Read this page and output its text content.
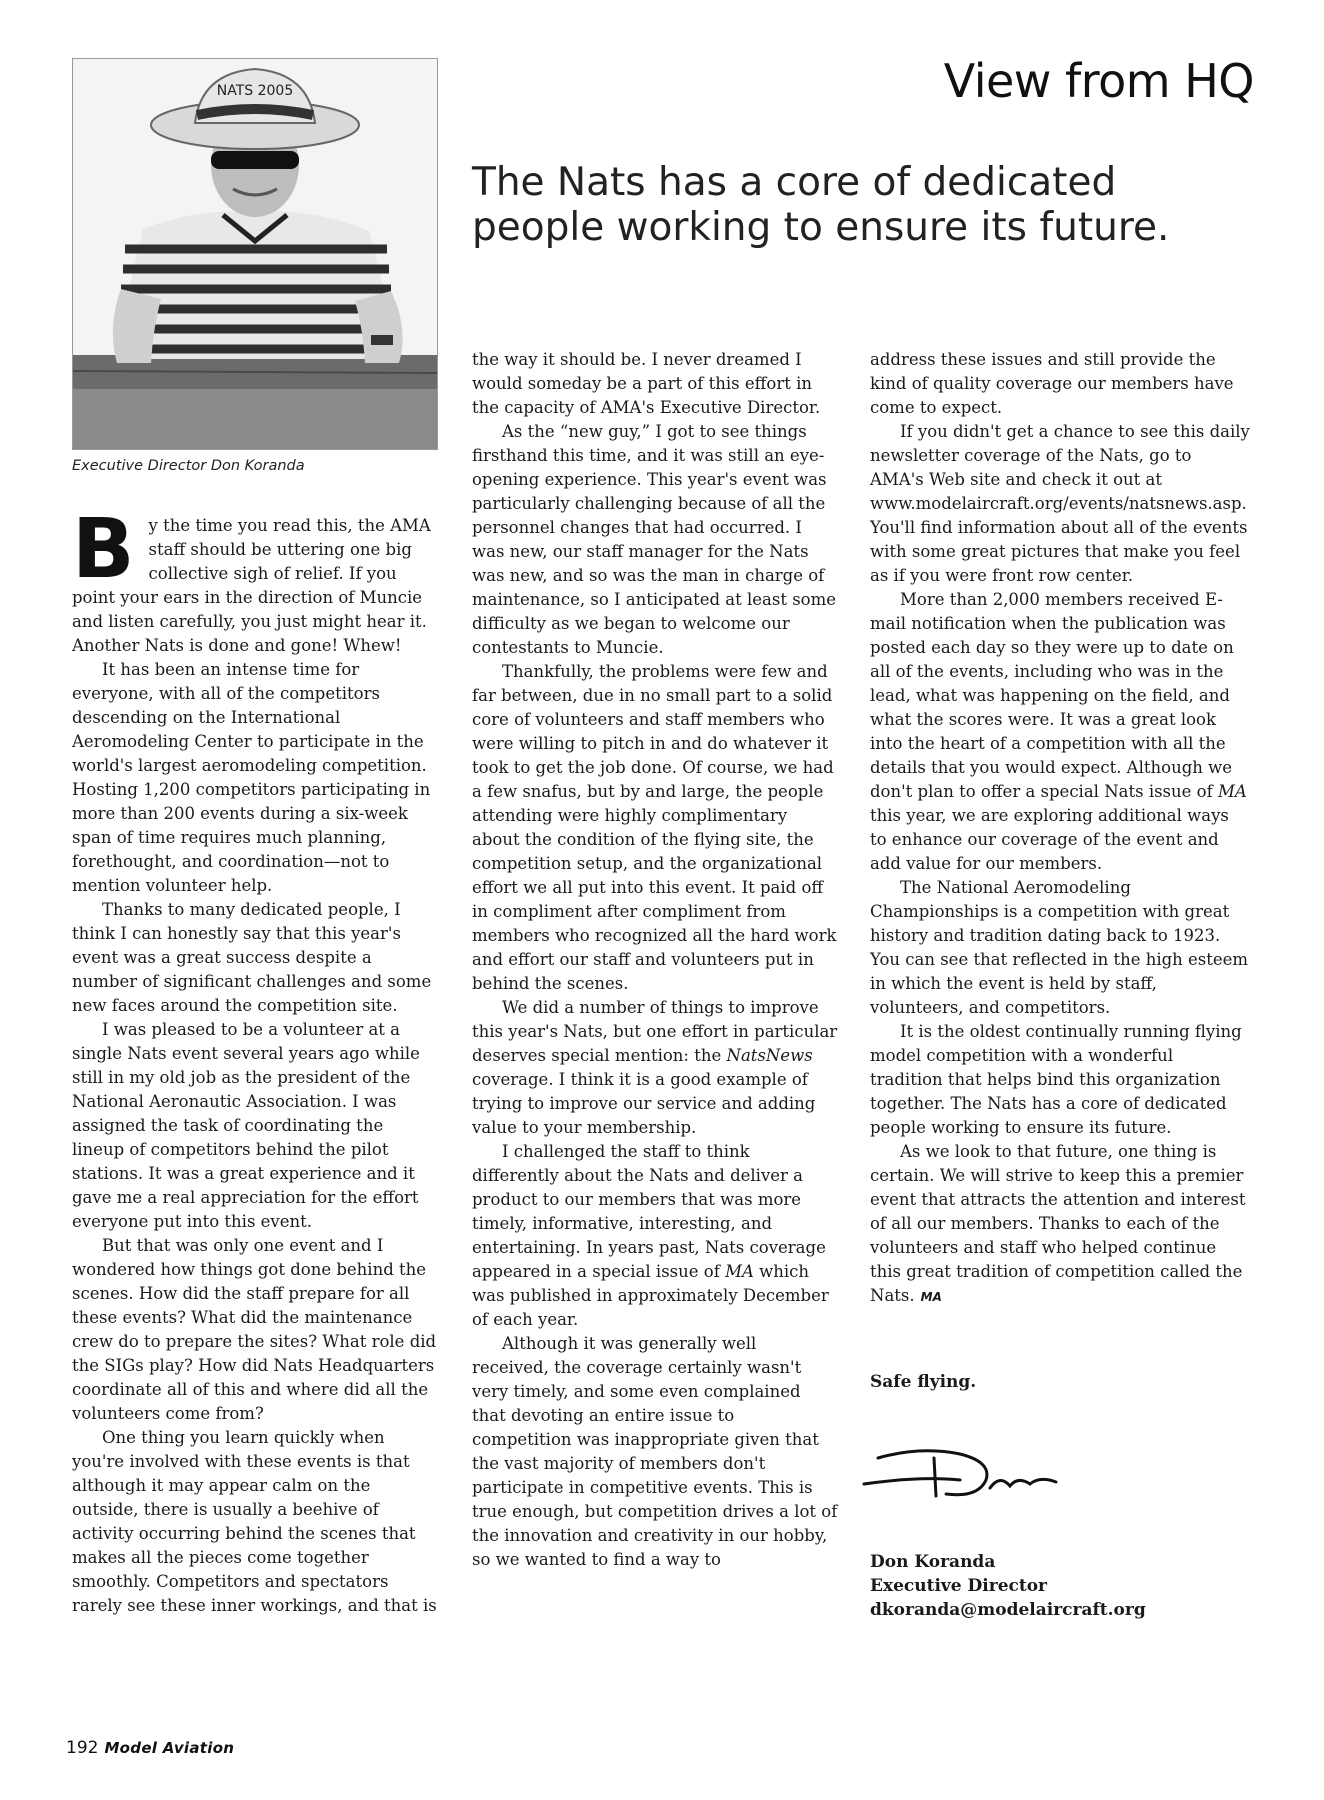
View from HQ
The Nats has a core of dedicated people working to ensure its future.
NATS 2005
Executive Director Don Koranda

By the time you read this, the AMA staff should be uttering one big collective sigh of relief. If you point your ears in the direction of Muncie and listen carefully, you just might hear it. Another Nats is done and gone! Whew!

It has been an intense time for everyone, with all of the competitors descending on the International Aeromodeling Center to participate in the world's largest aeromodeling competition. Hosting 1,200 competitors participating in more than 200 events during a six-week span of time requires much planning, forethought, and coordination—not to mention volunteer help.

Thanks to many dedicated people, I think I can honestly say that this year's event was a great success despite a number of significant challenges and some new faces around the competition site.

I was pleased to be a volunteer at a single Nats event several years ago while still in my old job as the president of the National Aeronautic Association. I was assigned the task of coordinating the lineup of competitors behind the pilot stations. It was a great experience and it gave me a real appreciation for the effort everyone put into this event.

But that was only one event and I wondered how things got done behind the scenes. How did the staff prepare for all these events? What did the maintenance crew do to prepare the sites? What role did the SIGs play? How did Nats Headquarters coordinate all of this and where did all the volunteers come from?

One thing you learn quickly when you're involved with these events is that although it may appear calm on the outside, there is usually a beehive of activity occurring behind the scenes that makes all the pieces come together smoothly. Competitors and spectators rarely see these inner workings, and that is

the way it should be. I never dreamed I would someday be a part of this effort in the capacity of AMA's Executive Director.

As the “new guy,” I got to see things firsthand this time, and it was still an eye-opening experience. This year's event was particularly challenging because of all the personnel changes that had occurred. I was new, our staff manager for the Nats was new, and so was the man in charge of maintenance, so I anticipated at least some difficulty as we began to welcome our contestants to Muncie.

Thankfully, the problems were few and far between, due in no small part to a solid core of volunteers and staff members who were willing to pitch in and do whatever it took to get the job done. Of course, we had a few snafus, but by and large, the people attending were highly complimentary about the condition of the flying site, the competition setup, and the organizational effort we all put into this event. It paid off in compliment after compliment from members who recognized all the hard work and effort our staff and volunteers put in behind the scenes.

We did a number of things to improve this year's Nats, but one effort in particular deserves special mention: the NatsNews coverage. I think it is a good example of trying to improve our service and adding value to your membership.

I challenged the staff to think differently about the Nats and deliver a product to our members that was more timely, informative, interesting, and entertaining. In years past, Nats coverage appeared in a special issue of MA which was published in approximately December of each year.

Although it was generally well received, the coverage certainly wasn't very timely, and some even complained that devoting an entire issue to competition was inappropriate given that the vast majority of members don't participate in competitive events. This is true enough, but competition drives a lot of the innovation and creativity in our hobby, so we wanted to find a way to

address these issues and still provide the kind of quality coverage our members have come to expect.

If you didn't get a chance to see this daily newsletter coverage of the Nats, go to AMA's Web site and check it out at www.modelaircraft.org/events/natsnews.asp. You'll find information about all of the events with some great pictures that make you feel as if you were front row center.

More than 2,000 members received E-mail notification when the publication was posted each day so they were up to date on all of the events, including who was in the lead, what was happening on the field, and what the scores were. It was a great look into the heart of a competition with all the details that you would expect. Although we don't plan to offer a special Nats issue of MA this year, we are exploring additional ways to enhance our coverage of the event and add value for our members.

The National Aeromodeling Championships is a competition with great history and tradition dating back to 1923. You can see that reflected in the high esteem in which the event is held by staff, volunteers, and competitors.

It is the oldest continually running flying model competition with a wonderful tradition that helps bind this organization together. The Nats has a core of dedicated people working to ensure its future.

As we look to that future, one thing is certain. We will strive to keep this a premier event that attracts the attention and interest of all our members. Thanks to each of the volunteers and staff who helped continue this great tradition of competition called the Nats. MA

Safe flying.
Don Koranda
Executive Director
dkoranda@modelaircraft.org
192 Model Aviation
